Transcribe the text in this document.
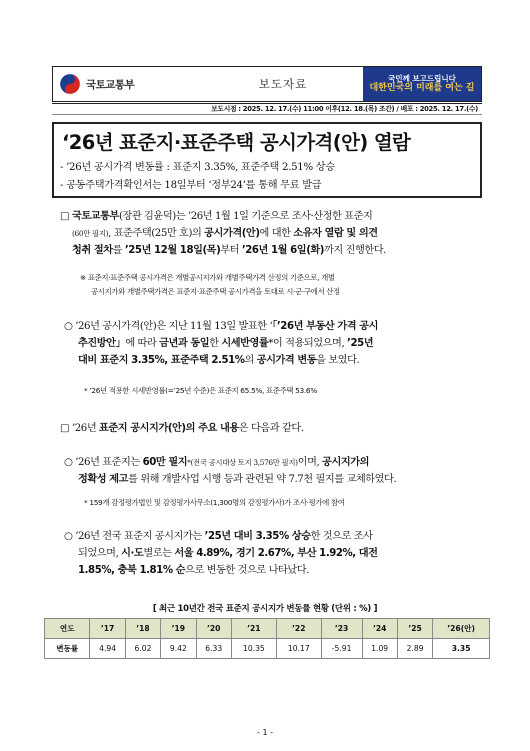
국토교통부	보도자료	국민께 보고드립니다
대한민국의 미래를 여는 길
보도시점 : 2025. 12. 17.(수) 11:00 이후(12. 18.(목) 조간) / 배포 : 2025. 12. 17.(수)
‘26년 표준지·표준주택 공시가격(안) 열람
- ’26년 공시가격 변동률 : 표준지 3.35%, 표준주택 2.51% 상승
- 공동주택가격확인서는 18일부터 ‘정부24’를 통해 무료 발급
□ 국토교통부(장관 김윤덕)는 ’26년 1월 1일 기준으로 조사·산정한 표준지
(60만 필지), 표준주택(25만 호)의 공시가격(안)에 대한 소유자 열람 및 의견
청취 절차를 ’25년 12월 18일(목)부터 ’26년 1월 6일(화)까지 진행한다.
※ 표준지·표준주택 공시가격은 개별공시지가와 개별주택가격 산정의 기준으로, 개별
공시지가와 개별주택가격은 표준지·표준주택 공시가격을 토대로 시·군·구에서 산정
○ ’26년 공시가격(안)은 지난 11월 13일 발표한 ‘「’26년 부동산 가격 공시
추진방안」에 따라 금년과 동일한 시세반영률*이 적용되었으며, ’25년
대비 표준지 3.35%, 표준주택 2.51%의 공시가격 변동을 보였다.
* ’26년 적용한 시세반영률(=’25년 수준)은 표준지 65.5%, 표준주택 53.6%
□ ’26년 표준지 공시지가(안)의 주요 내용은 다음과 같다.
○ ’26년 표준지는 60만 필지*(전국 공시대상 토지 3,576만 필지)이며, 공시지가의
정확성 제고를 위해 개발사업 시행 등과 관련된 약 7.7천 필지를 교체하였다.
* 159개 감정평가법인 및 감정평가사무소(1,300명의 감정평가사)가 조사·평가에 참여
○ ’26년 전국 표준지 공시지가는 ’25년 대비 3.35% 상승한 것으로 조사
되었으며, 시·도별로는 서울 4.89%, 경기 2.67%, 부산 1.92%, 대전
1.85%, 충북 1.81% 순으로 변동한 것으로 나타났다.
[ 최근 10년간 전국 표준지 공시지가 변동률 현황 (단위 : %) ]
연도	’17	’18	’19	’20	’21	’22	’23	’24	’25	’26(안)
변동률	4.94	6.02	9.42	6.33	10.35	10.17	-5.91	1.09	2.89	3.35
- 1 -
